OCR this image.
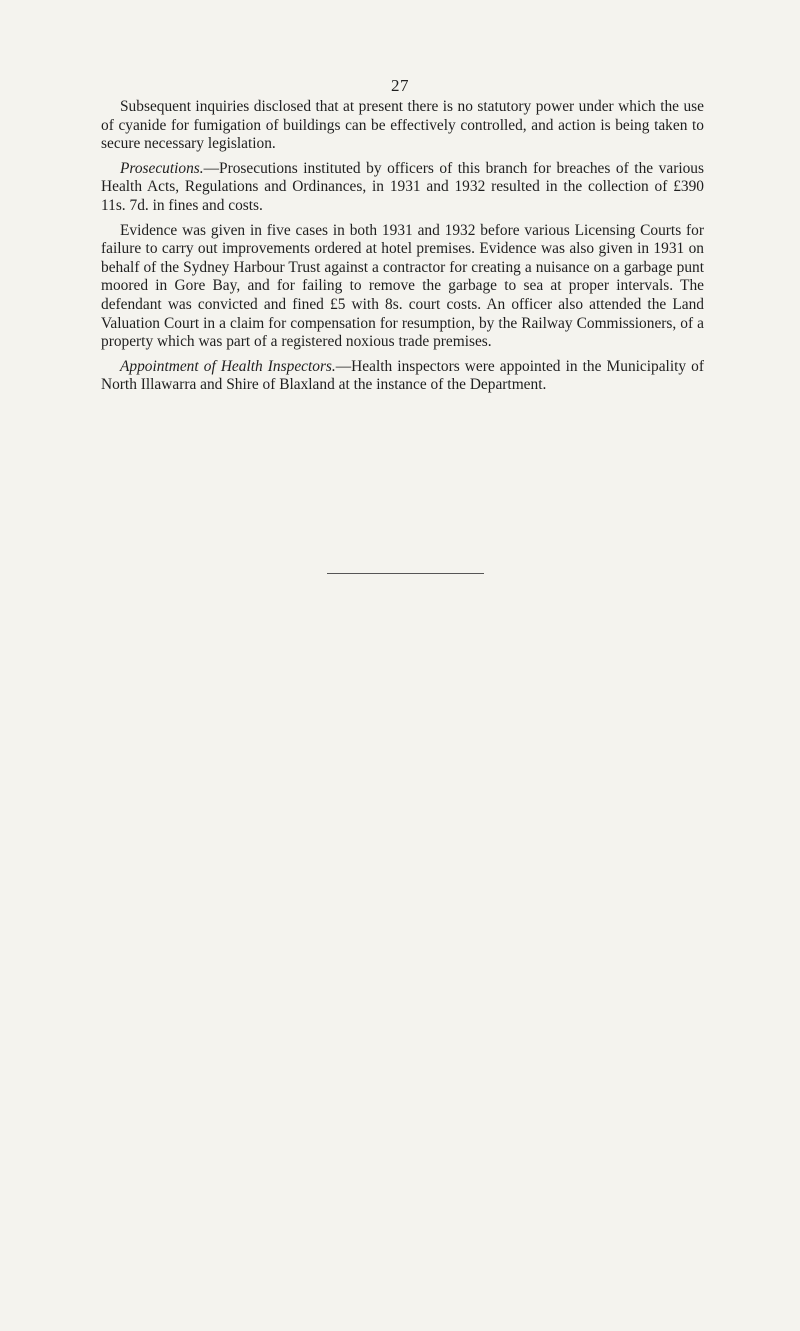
27

Subsequent inquiries disclosed that at present there is no statutory power under which the use of cyanide for fumigation of buildings can be effectively controlled, and action is being taken to secure necessary legislation.

Prosecutions.—Prosecutions instituted by officers of this branch for breaches of the various Health Acts, Regulations and Ordinances, in 1931 and 1932 resulted in the collection of £390 11s. 7d. in fines and costs.

Evidence was given in five cases in both 1931 and 1932 before various Licensing Courts for failure to carry out improvements ordered at hotel premises. Evidence was also given in 1931 on behalf of the Sydney Harbour Trust against a contractor for creating a nuisance on a garbage punt moored in Gore Bay, and for failing to remove the garbage to sea at proper intervals. The defendant was convicted and fined £5 with 8s. court costs. An officer also attended the Land Valuation Court in a claim for compensation for resumption, by the Railway Commissioners, of a property which was part of a registered noxious trade premises.

Appointment of Health Inspectors.—Health inspectors were appointed in the Municipality of North Illawarra and Shire of Blaxland at the instance of the Department.
